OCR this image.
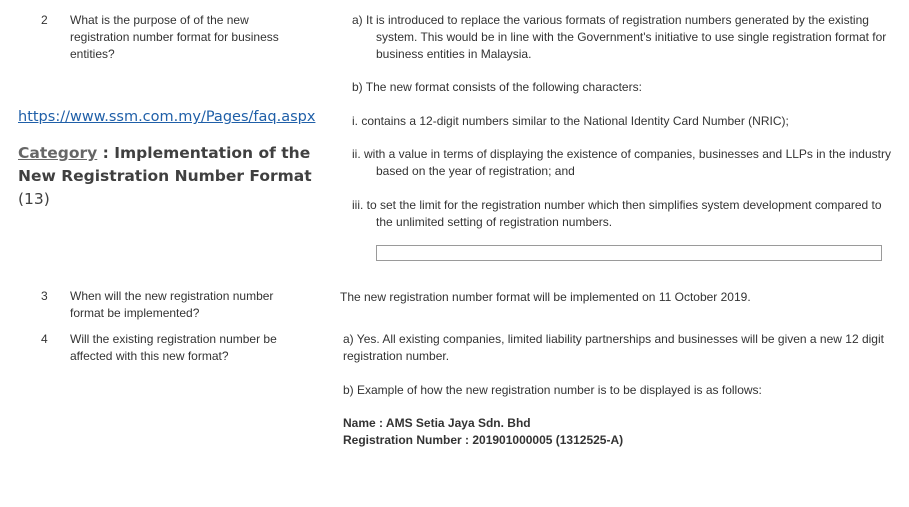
2 What is the purpose of of the new registration number format for business entities?
a) It is introduced to replace the various formats of registration numbers generated by the existing system. This would be in line with the Government's initiative to use single registration format for business entities in Malaysia.
b) The new format consists of the following characters:
i. contains a 12-digit numbers similar to the National Identity Card Number (NRIC);
ii. with a value in terms of displaying the existence of companies, businesses and LLPs in the industry based on the year of registration; and
iii. to set the limit for the registration number which then simplifies system development compared to the unlimited setting of registration numbers.
https://www.ssm.com.my/Pages/faq.aspx
Category : Implementation of the New Registration Number Format (13)
3 When will the new registration number format be implemented?
The new registration number format will be implemented on 11 October 2019.
4 Will the existing registration number be affected with this new format?
a) Yes. All existing companies, limited liability partnerships and businesses will be given a new 12 digit registration number.
b) Example of how the new registration number is to be displayed is as follows:
Name : AMS Setia Jaya Sdn. Bhd
Registration Number : 201901000005 (1312525-A)
